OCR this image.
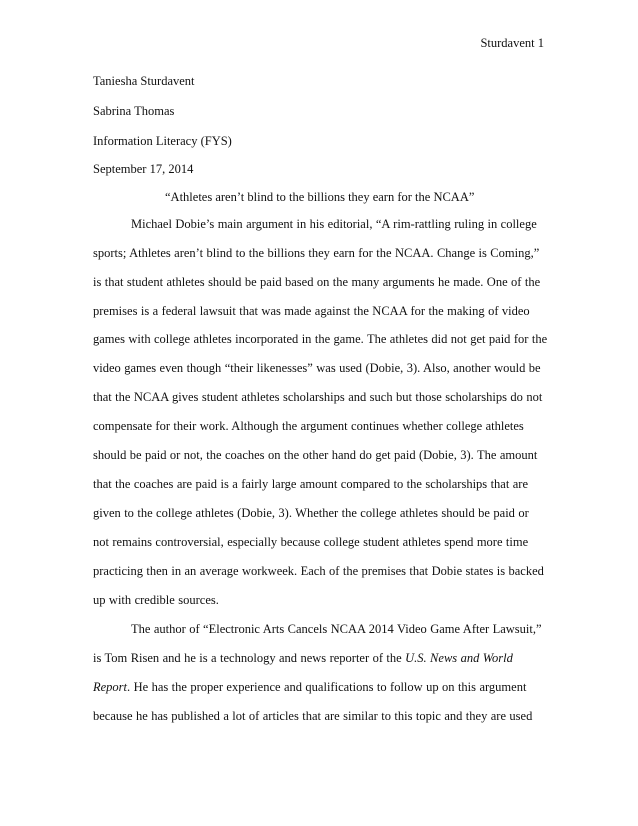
Sturdavent 1
Taniesha Sturdavent
Sabrina Thomas
Information Literacy (FYS)
September 17, 2014
“Athletes aren’t blind to the billions they earn for the NCAA”
Michael Dobie’s main argument in his editorial, “A rim-rattling ruling in college
sports; Athletes aren’t blind to the billions they earn for the NCAA. Change is Coming,”
is that student athletes should be paid based on the many arguments he made. One of the
premises is a federal lawsuit that was made against the NCAA for the making of video
games with college athletes incorporated in the game. The athletes did not get paid for the
video games even though “their likenesses” was used (Dobie, 3). Also, another would be
that the NCAA gives student athletes scholarships and such but those scholarships do not
compensate for their work. Although the argument continues whether college athletes
should be paid or not, the coaches on the other hand do get paid (Dobie, 3). The amount
that the coaches are paid is a fairly large amount compared to the scholarships that are
given to the college athletes (Dobie, 3). Whether the college athletes should be paid or
not remains controversial, especially because college student athletes spend more time
practicing then in an average workweek. Each of the premises that Dobie states is backed
up with credible sources.
The author of “Electronic Arts Cancels NCAA 2014 Video Game After Lawsuit,”
is Tom Risen and he is a technology and news reporter of the U.S. News and World
Report. He has the proper experience and qualifications to follow up on this argument
because he has published a lot of articles that are similar to this topic and they are used
